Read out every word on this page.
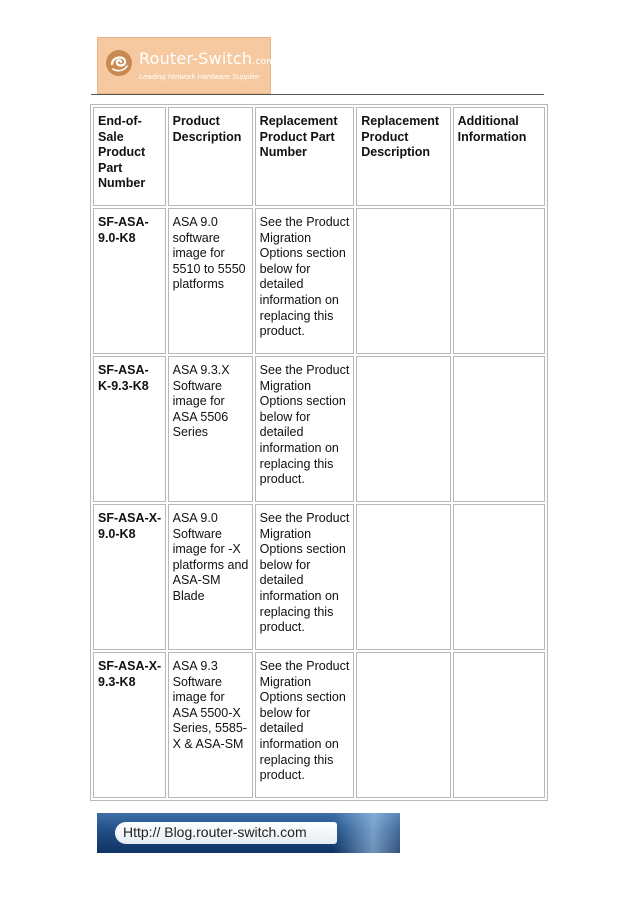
Router-Switch.com
Leading Network Hardware Supplier
End-of-Sale Product Part Number	Product Description	Replacement Product Part Number	Replacement Product Description	Additional Information
SF-ASA-9.0-K8	ASA 9.0 software image for 5510 to 5550 platforms	See the Product Migration Options section below for detailed information on replacing this product.		
SF-ASA-K-9.3-K8	ASA 9.3.X Software image for ASA 5506 Series	See the Product Migration Options section below for detailed information on replacing this product.		
SF-ASA-X-9.0-K8	ASA 9.0 Software image for -X platforms and ASA-SM Blade	See the Product Migration Options section below for detailed information on replacing this product.		
SF-ASA-X-9.3-K8	ASA 9.3 Software image for ASA 5500-X Series, 5585-X & ASA-SM	See the Product Migration Options section below for detailed information on replacing this product.		
Http:// Blog.router-switch.com
